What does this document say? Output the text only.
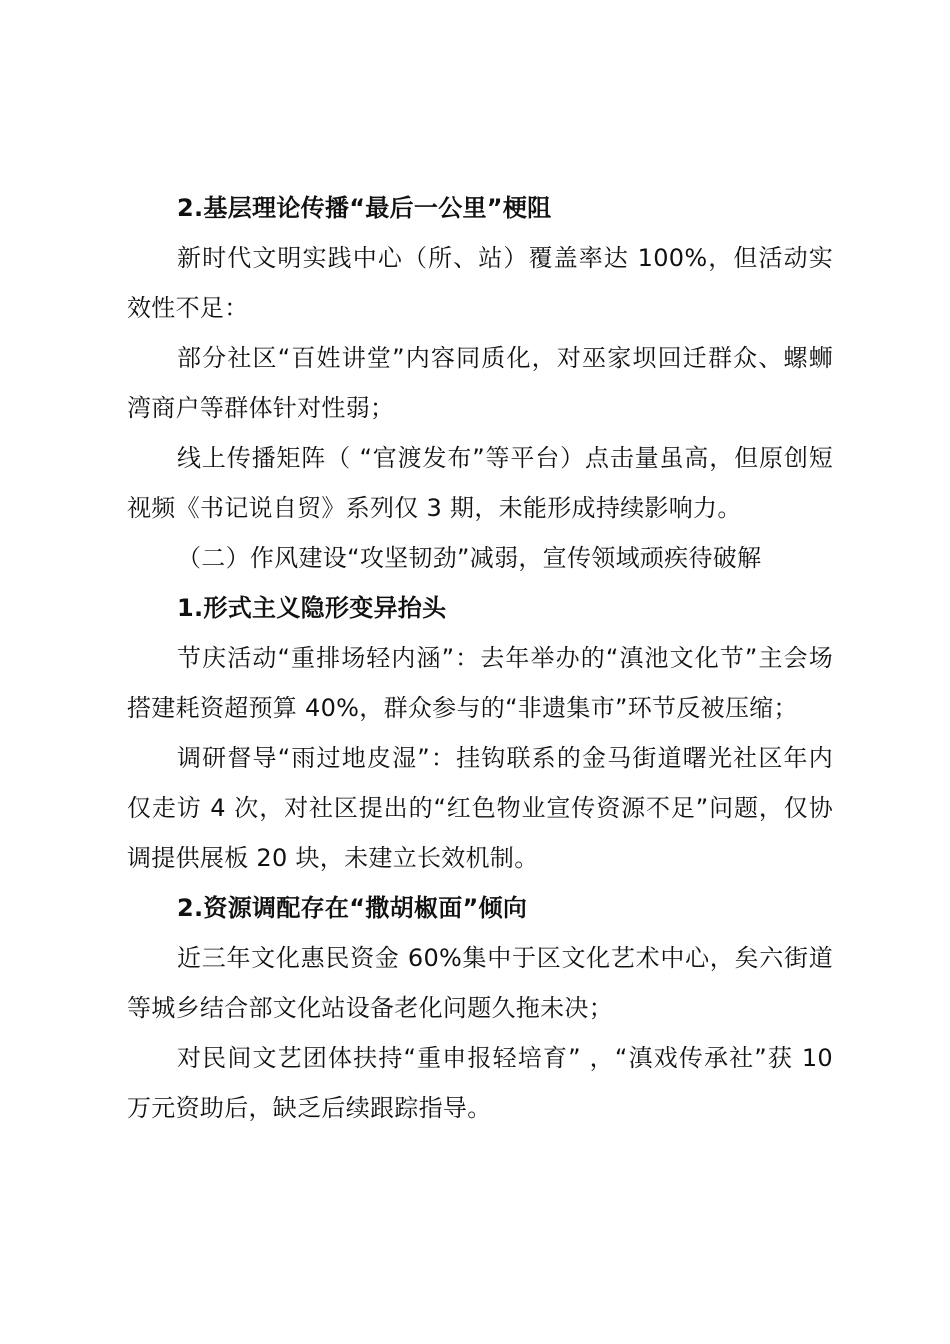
2.基层理论传播“最后一公里”梗阻

新时代文明实践中心（所、站）覆盖率达 100%，但活动实效性不足：

部分社区“百姓讲堂”内容同质化，对巫家坝回迁群众、螺蛳湾商户等群体针对性弱；

线上传播矩阵（ “官渡发布”等平台）点击量虽高，但原创短视频《书记说自贸》系列仅 3 期，未能形成持续影响力。

（二）作风建设“攻坚韧劲”减弱，宣传领域顽疾待破解

1.形式主义隐形变异抬头

节庆活动“重排场轻内涵”：去年举办的“滇池文化节”主会场搭建耗资超预算 40%，群众参与的“非遗集市”环节反被压缩；

调研督导“雨过地皮湿”：挂钩联系的金马街道曙光社区年内仅走访 4 次，对社区提出的“红色物业宣传资源不足”问题，仅协调提供展板 20 块，未建立长效机制。

2.资源调配存在“撒胡椒面”倾向

近三年文化惠民资金 60%集中于区文化艺术中心，矣六街道等城乡结合部文化站设备老化问题久拖未决；

对民间文艺团体扶持“重申报轻培育” ，“滇戏传承社”获 10 万元资助后，缺乏后续跟踪指导。
